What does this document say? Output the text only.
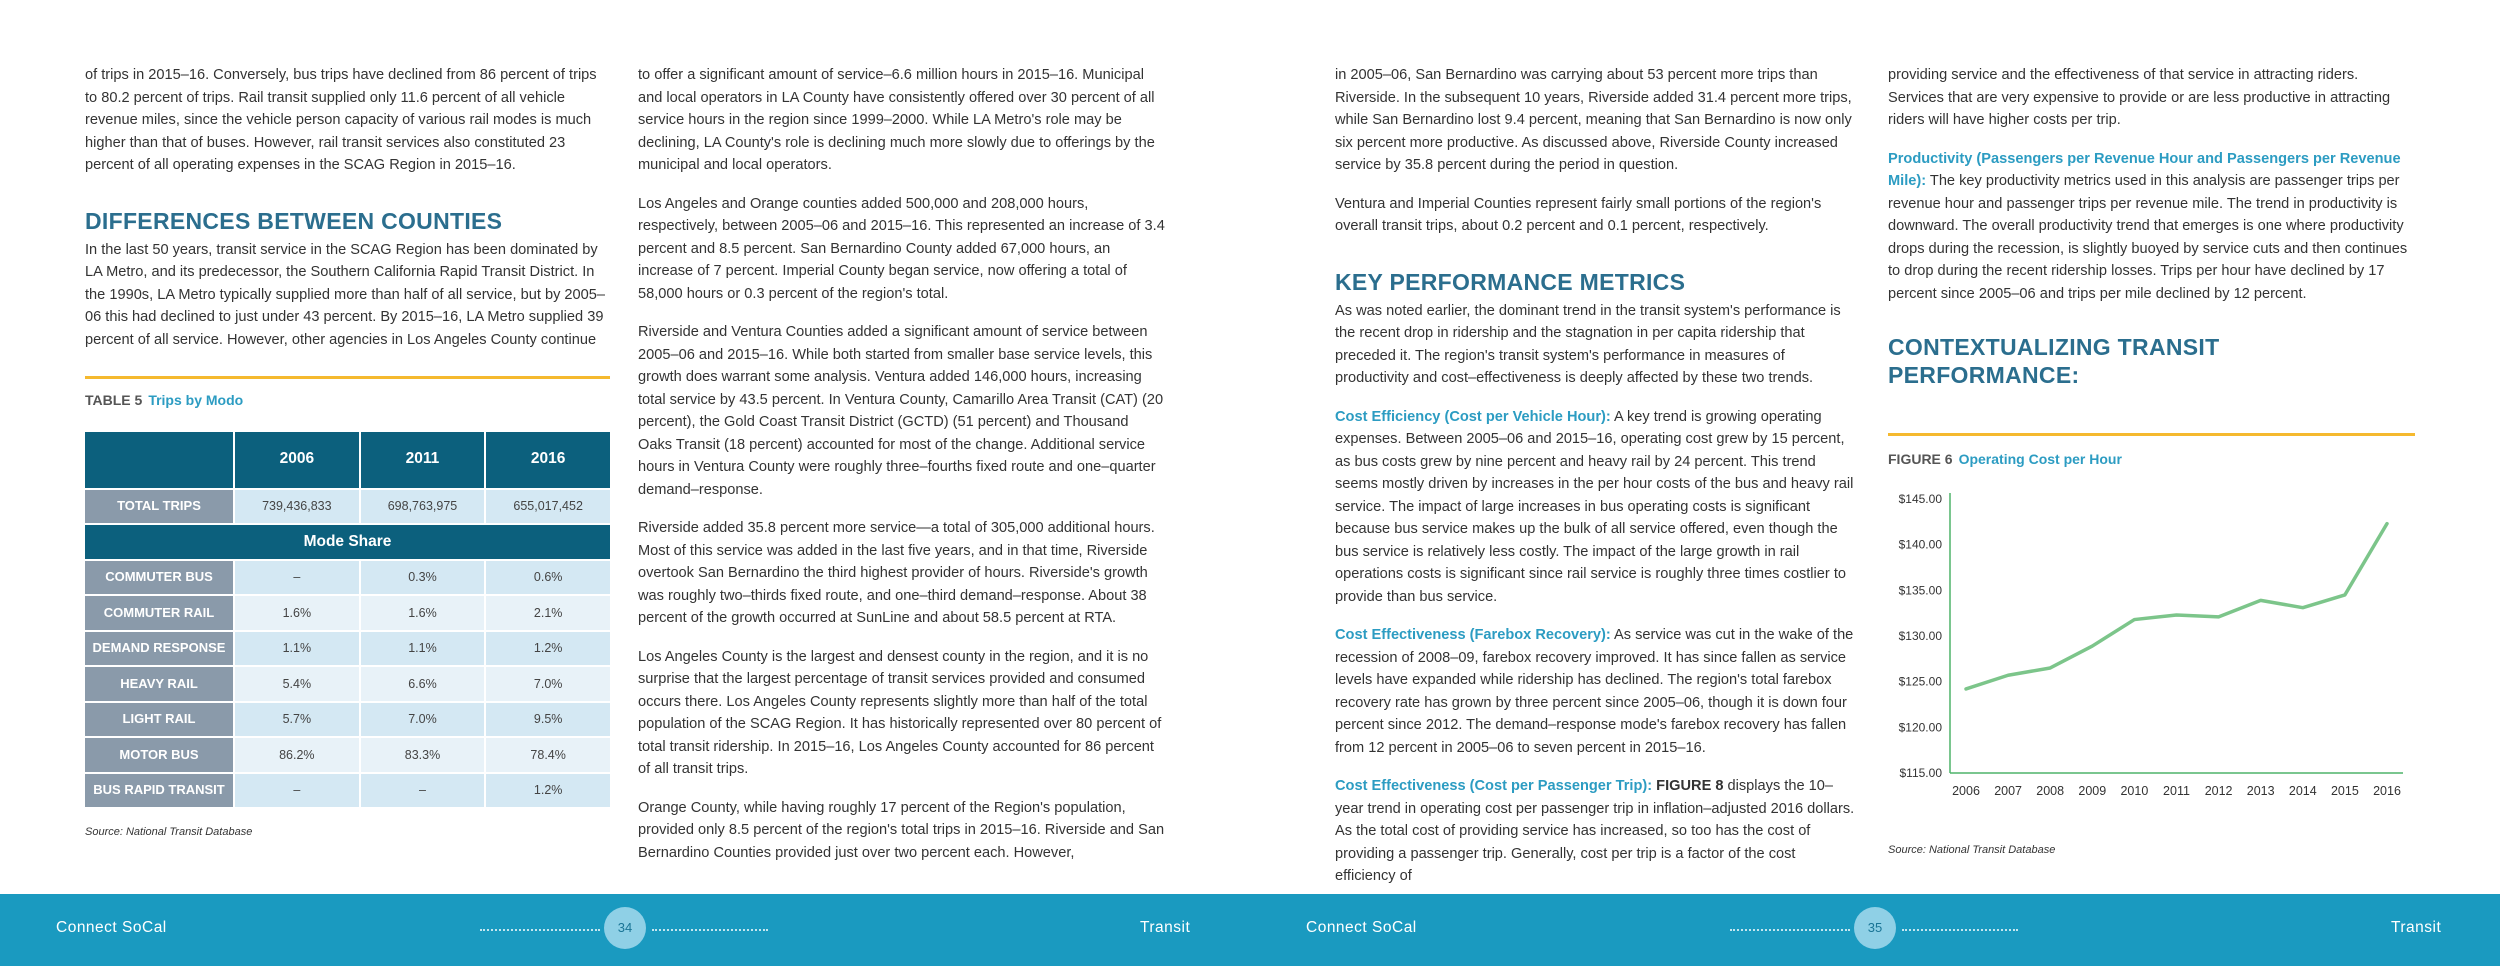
of trips in 2015–16. Conversely, bus trips have declined from 86 percent of trips to 80.2 percent of trips. Rail transit supplied only 11.6 percent of all vehicle revenue miles, since the vehicle person capacity of various rail modes is much higher than that of buses. However, rail transit services also constituted 23 percent of all operating expenses in the SCAG Region in 2015–16.

DIFFERENCES BETWEEN COUNTIES

In the last 50 years, transit service in the SCAG Region has been dominated by LA Metro, and its predecessor, the Southern California Rapid Transit District. In the 1990s, LA Metro typically supplied more than half of all service, but by 2005–06 this had declined to just under 43 percent. By 2015–16, LA Metro supplied 39 percent of all service. However, other agencies in Los Angeles County continue

TABLE 5 Trips by Modo
	2006	2011	2016
TOTAL TRIPS	739,436,833	698,763,975	655,017,452
Mode Share			
COMMUTER BUS	–	0.3%	0.6%
COMMUTER RAIL	1.6%	1.6%	2.1%
DEMAND RESPONSE	1.1%	1.1%	1.2%
HEAVY RAIL	5.4%	6.6%	7.0%
LIGHT RAIL	5.7%	7.0%	9.5%
MOTOR BUS	86.2%	83.3%	78.4%
BUS RAPID TRANSIT	–	–	1.2%
Source: National Transit Database

to offer a significant amount of service–6.6 million hours in 2015–16. Municipal and local operators in LA County have consistently offered over 30 percent of all service hours in the region since 1999–2000. While LA Metro's role may be declining, LA County's role is declining much more slowly due to offerings by the municipal and local operators.

Los Angeles and Orange counties added 500,000 and 208,000 hours, respectively, between 2005–06 and 2015–16. This represented an increase of 3.4 percent and 8.5 percent. San Bernardino County added 67,000 hours, an increase of 7 percent. Imperial County began service, now offering a total of 58,000 hours or 0.3 percent of the region's total.

Riverside and Ventura Counties added a significant amount of service between 2005–06 and 2015–16. While both started from smaller base service levels, this growth does warrant some analysis. Ventura added 146,000 hours, increasing total service by 43.5 percent. In Ventura County, Camarillo Area Transit (CAT) (20 percent), the Gold Coast Transit District (GCTD) (51 percent) and Thousand Oaks Transit (18 percent) accounted for most of the change. Additional service hours in Ventura County were roughly three–fourths fixed route and one–quarter demand–response.

Riverside added 35.8 percent more service—a total of 305,000 additional hours. Most of this service was added in the last five years, and in that time, Riverside overtook San Bernardino the third highest provider of hours. Riverside's growth was roughly two–thirds fixed route, and one–third demand–response. About 38 percent of the growth occurred at SunLine and about 58.5 percent at RTA.

Los Angeles County is the largest and densest county in the region, and it is no surprise that the largest percentage of transit services provided and consumed occurs there. Los Angeles County represents slightly more than half of the total population of the SCAG Region. It has historically represented over 80 percent of total transit ridership. In 2015–16, Los Angeles County accounted for 86 percent of all transit trips.

Orange County, while having roughly 17 percent of the Region's population, provided only 8.5 percent of the region's total trips in 2015–16. Riverside and San Bernardino Counties provided just over two percent each. However,

in 2005–06, San Bernardino was carrying about 53 percent more trips than Riverside. In the subsequent 10 years, Riverside added 31.4 percent more trips, while San Bernardino lost 9.4 percent, meaning that San Bernardino is now only six percent more productive. As discussed above, Riverside County increased service by 35.8 percent during the period in question.

Ventura and Imperial Counties represent fairly small portions of the region's overall transit trips, about 0.2 percent and 0.1 percent, respectively.

KEY PERFORMANCE METRICS

As was noted earlier, the dominant trend in the transit system's performance is the recent drop in ridership and the stagnation in per capita ridership that preceded it. The region's transit system's performance in measures of productivity and cost–effectiveness is deeply affected by these two trends.

Cost Efficiency (Cost per Vehicle Hour): A key trend is growing operating expenses. Between 2005–06 and 2015–16, operating cost grew by 15 percent, as bus costs grew by nine percent and heavy rail by 24 percent. This trend seems mostly driven by increases in the per hour costs of the bus and heavy rail service. The impact of large increases in bus operating costs is significant because bus service makes up the bulk of all service offered, even though the bus service is relatively less costly. The impact of the large growth in rail operations costs is significant since rail service is roughly three times costlier to provide than bus service.

Cost Effectiveness (Farebox Recovery): As service was cut in the wake of the recession of 2008–09, farebox recovery improved. It has since fallen as service levels have expanded while ridership has declined. The region's total farebox recovery rate has grown by three percent since 2005–06, though it is down four percent since 2012. The demand–response mode's farebox recovery has fallen from 12 percent in 2005–06 to seven percent in 2015–16.

Cost Effectiveness (Cost per Passenger Trip): FIGURE 8 displays the 10–year trend in operating cost per passenger trip in inflation–adjusted 2016 dollars. As the total cost of providing service has increased, so too has the cost of providing a passenger trip. Generally, cost per trip is a factor of the cost efficiency of

providing service and the effectiveness of that service in attracting riders. Services that are very expensive to provide or are less productive in attracting riders will have higher costs per trip.

Productivity (Passengers per Revenue Hour and Passengers per Revenue Mile): The key productivity metrics used in this analysis are passenger trips per revenue hour and passenger trips per revenue mile. The trend in productivity is downward. The overall productivity trend that emerges is one where productivity drops during the recession, is slightly buoyed by service cuts and then continues to drop during the recent ridership losses. Trips per hour have declined by 17 percent since 2005–06 and trips per mile declined by 12 percent.

CONTEXTUALIZING TRANSIT PERFORMANCE:
FIGURE 6 Operating Cost per Hour
$115.00
$120.00
$125.00
$130.00
$135.00
$140.00
$145.00
2006 2007 2008 2009 2010 2011 2012 2013 2014 2015 2016
Source: National Transit Database
Connect SoCal	34	Transit	Connect SoCal	35	Transit
